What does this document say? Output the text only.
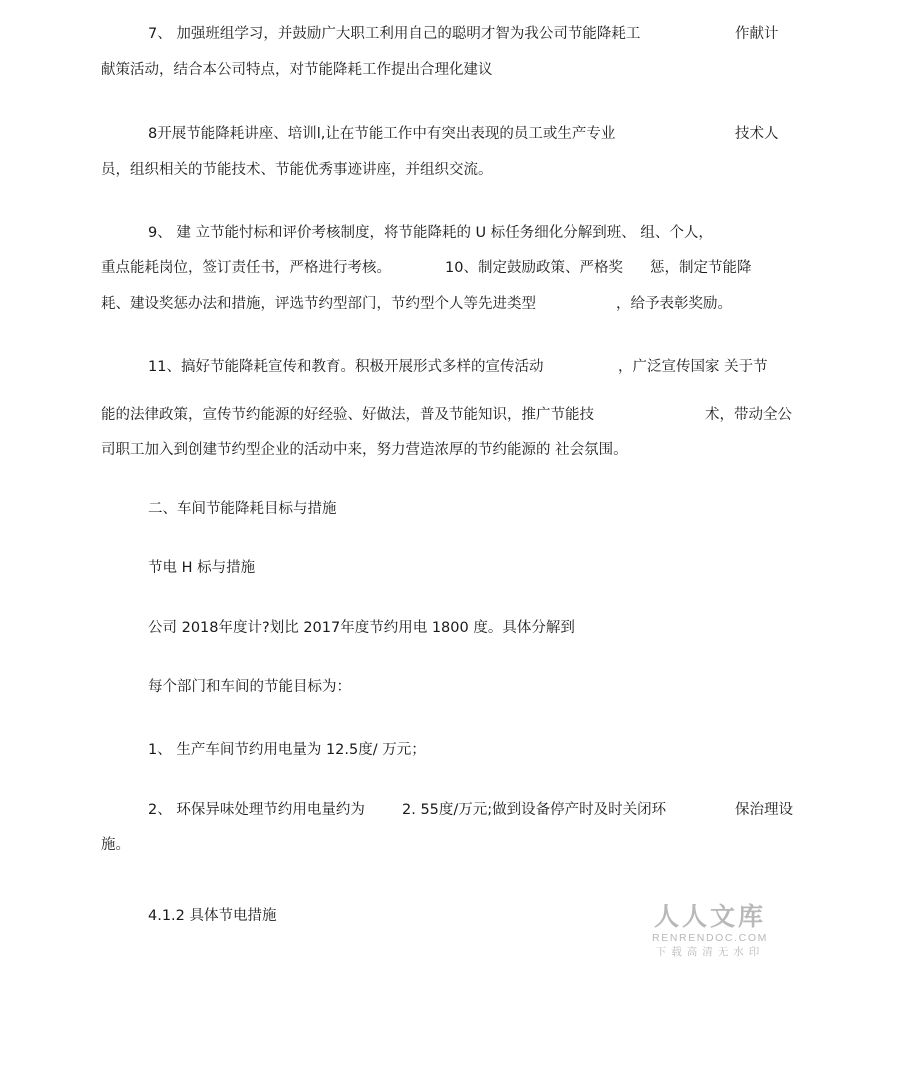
7、 加强班组学习，并鼓励广大职工利用自己的聪明才智为我公司节能降耗工	作献计
献策活动，结合本公司特点，对节能降耗工作提出合理化建议
8开展节能降耗讲座、培训l,让在节能工作中有突出表现的员工或生产专业	技术人
员，组织相关的节能技术、节能优秀事迹讲座，并组织交流。
9、 建 立节能忖标和评价考核制度，将节能降耗的 U 标任务细化分解到班、 组、个人，
重点能耗岗位，签订责任书，严格进行考核。	10、制定鼓励政策、严格奖 惩，制定节能降
耗、建设奖惩办法和措施，评选节约型部门，节约型个人等先进类型	，给予表彰奖励。
11、搞好节能降耗宣传和教育。积极开展形式多样的宣传活动	，广泛宣传国家 关于节
能的法律政策，宣传节约能源的好经验、好做法，普及节能知识，推广节能技	术，带动全公
司职工加入到创建节约型企业的活动中来，努力营造浓厚的节约能源的 社会氛围。
二、车间节能降耗目标与措施
节电 H 标与措施
公司 2018年度计?划比 2017年度节约用电 1800 度。具体分解到
每个部门和车间的节能目标为：
1、 生产车间节约用电量为 12.5度/ 万元；
2、 环保异味处理节约用电量约为	2. 55度/万元;做到设备停产时及时关闭环	保治理设
施。
4.1.2 具体节电措施	人人文库
RENRENDOC.COM
下载高清无水印
